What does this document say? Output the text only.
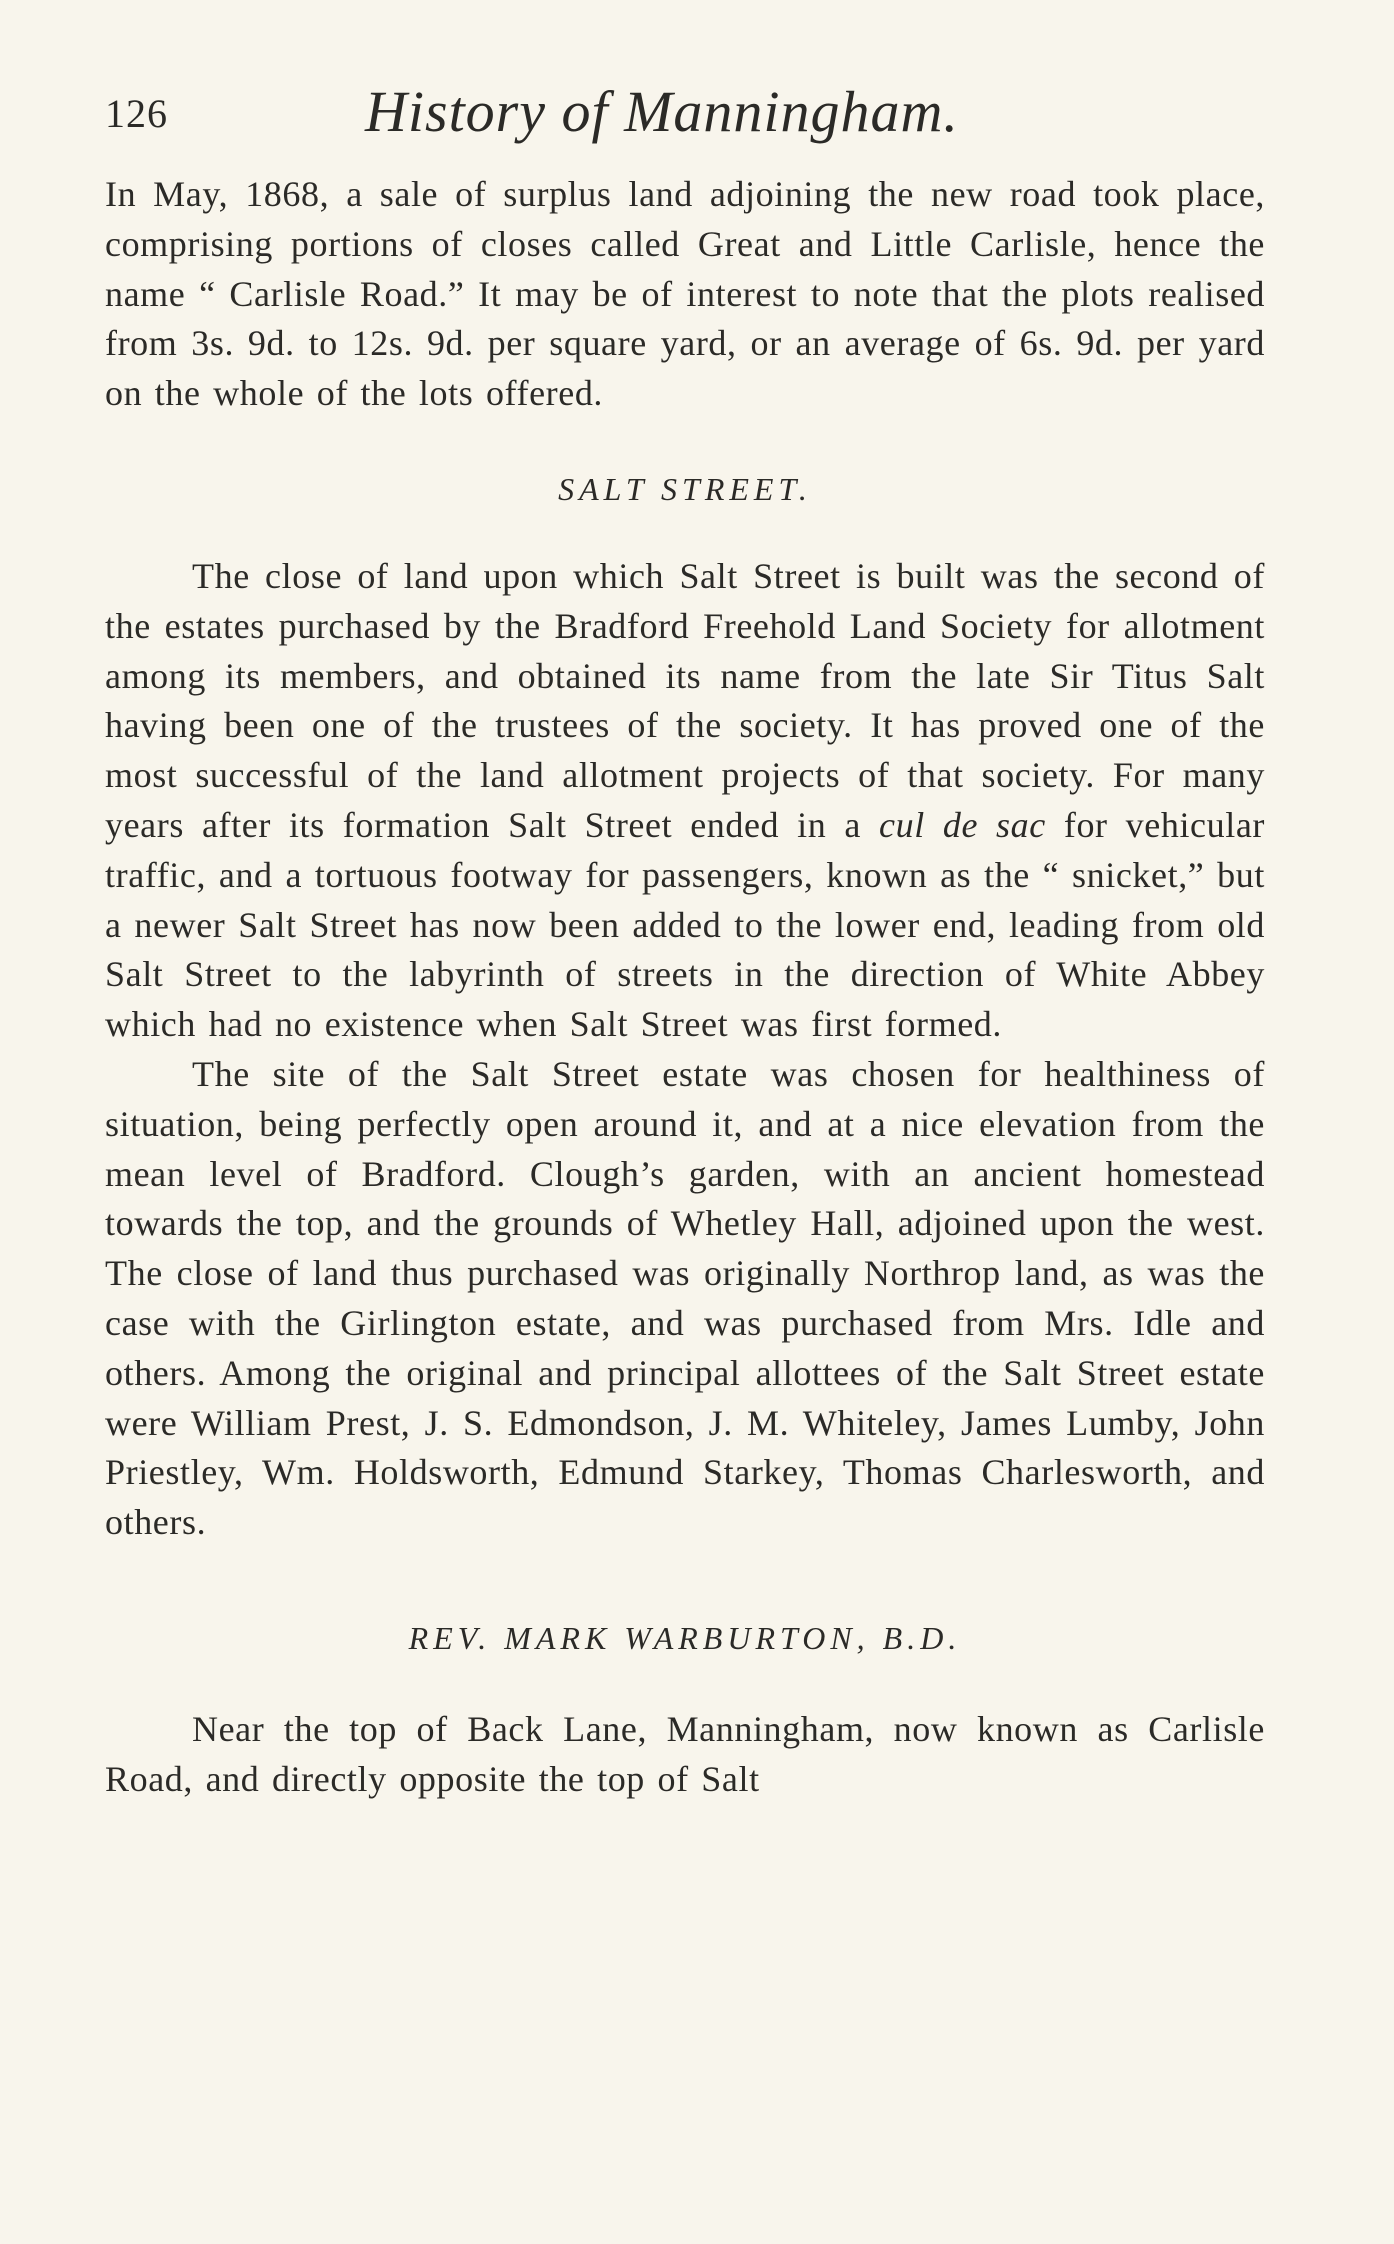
126	History of Manningham.

In May, 1868, a sale of surplus land adjoining the new road took place, comprising portions of closes called Great and Little Carlisle, hence the name “ Carlisle Road.” It may be of interest to note that the plots realised from 3s. 9d. to 12s. 9d. per square yard, or an average of 6s. 9d. per yard on the whole of the lots offered.

SALT STREET.

The close of land upon which Salt Street is built was the second of the estates purchased by the Bradford Freehold Land Society for allotment among its members, and obtained its name from the late Sir Titus Salt having been one of the trustees of the society. It has proved one of the most successful of the land allotment projects of that society. For many years after its formation Salt Street ended in a cul de sac for vehicular traffic, and a tortuous footway for passengers, known as the “ snicket,” but a newer Salt Street has now been added to the lower end, leading from old Salt Street to the labyrinth of streets in the direction of White Abbey which had no existence when Salt Street was first formed.

The site of the Salt Street estate was chosen for healthiness of situation, being perfectly open around it, and at a nice elevation from the mean level of Bradford. Clough’s garden, with an ancient homestead towards the top, and the grounds of Whetley Hall, adjoined upon the west. The close of land thus purchased was originally Northrop land, as was the case with the Girlington estate, and was purchased from Mrs. Idle and others. Among the original and principal allottees of the Salt Street estate were William Prest, J. S. Edmondson, J. M. Whiteley, James Lumby, John Priestley, Wm. Holdsworth, Edmund Starkey, Thomas Charlesworth, and others.

REV. MARK WARBURTON, B.D.

Near the top of Back Lane, Manningham, now known as Carlisle Road, and directly opposite the top of Salt
